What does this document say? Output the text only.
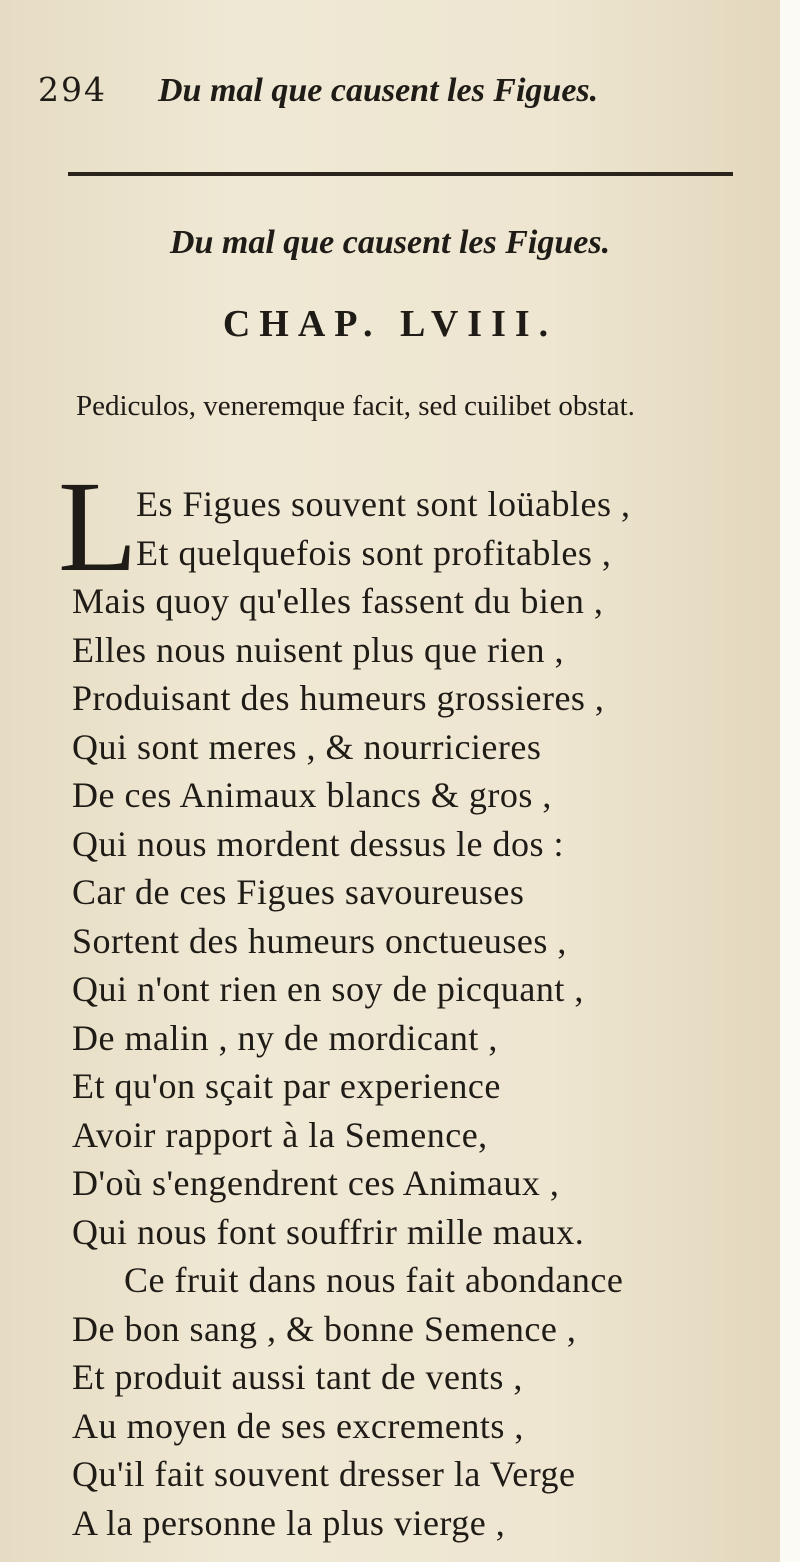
294 Du mal que causent les Figues.
Du mal que causent les Figues.
CHAP. LVIII.
Pediculos, veneremque facit, sed cuilibet obstat.
L
Es Figues souvent sont loüables ,
Et quelquefois sont profitables ,
Mais quoy qu'elles fassent du bien ,
Elles nous nuisent plus que rien ,
Produisant des humeurs grossieres ,
Qui sont meres , & nourricieres
De ces Animaux blancs & gros ,
Qui nous mordent dessus le dos :
Car de ces Figues savoureuses
Sortent des humeurs onctueuses ,
Qui n'ont rien en soy de picquant ,
De malin , ny de mordicant ,
Et qu'on sçait par experience
Avoir rapport à la Semence,
D'où s'engendrent ces Animaux ,
Qui nous font souffrir mille maux.
Ce fruit dans nous fait abondance
De bon sang , & bonne Semence ,
Et produit aussi tant de vents ,
Au moyen de ses excrements ,
Qu'il fait souvent dresser la Verge
A la personne la plus vierge ,
